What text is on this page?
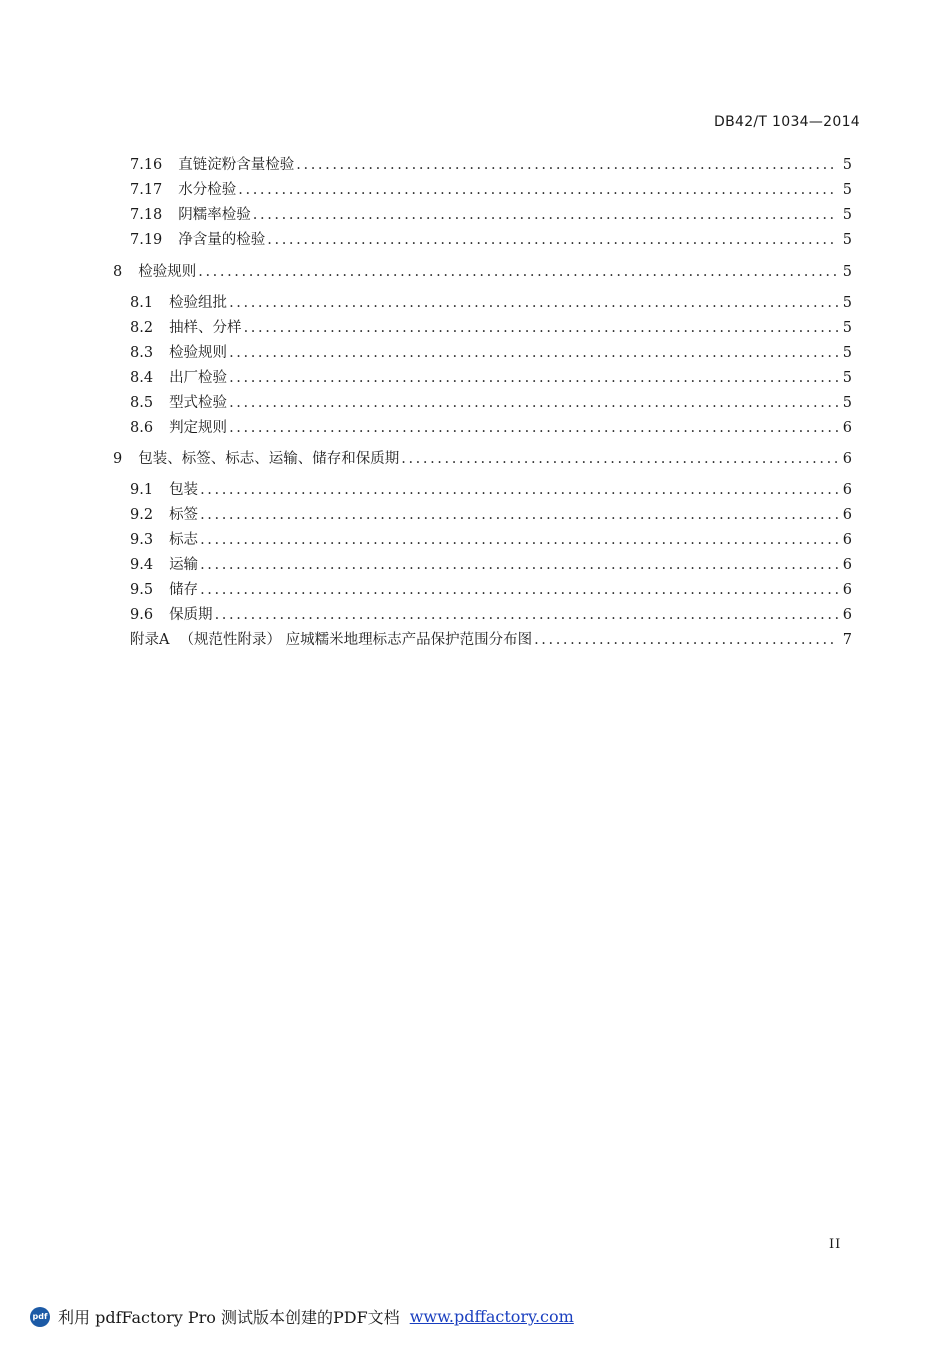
DB42/T 1034—2014
7.16 直链淀粉含量检验 .....	5
7.17 水分检验 .....	5
7.18 阴糯率检验 .....	5
7.19 净含量的检验 .....	5
8 检验规则 .....	5
8.1 检验组批 .....	5
8.2 抽样、分样 .....	5
8.3 检验规则 .....	5
8.4 出厂检验 .....	5
8.5 型式检验 .....	5
8.6 判定规则 .....	6
9 包装、标签、标志、运输、储存和保质期 .....	6
9.1 包装 .....	6
9.2 标签 .....	6
9.3 标志 .....	6
9.4 运输 .....	6
9.5 储存 .....	6
9.6 保质期 .....	6
附录A （规范性附录） 应城糯米地理标志产品保护范围分布图 .....	7
II
pdf 利用 pdfFactory Pro 测试版本创建的PDF文档 www.pdffactory.com
